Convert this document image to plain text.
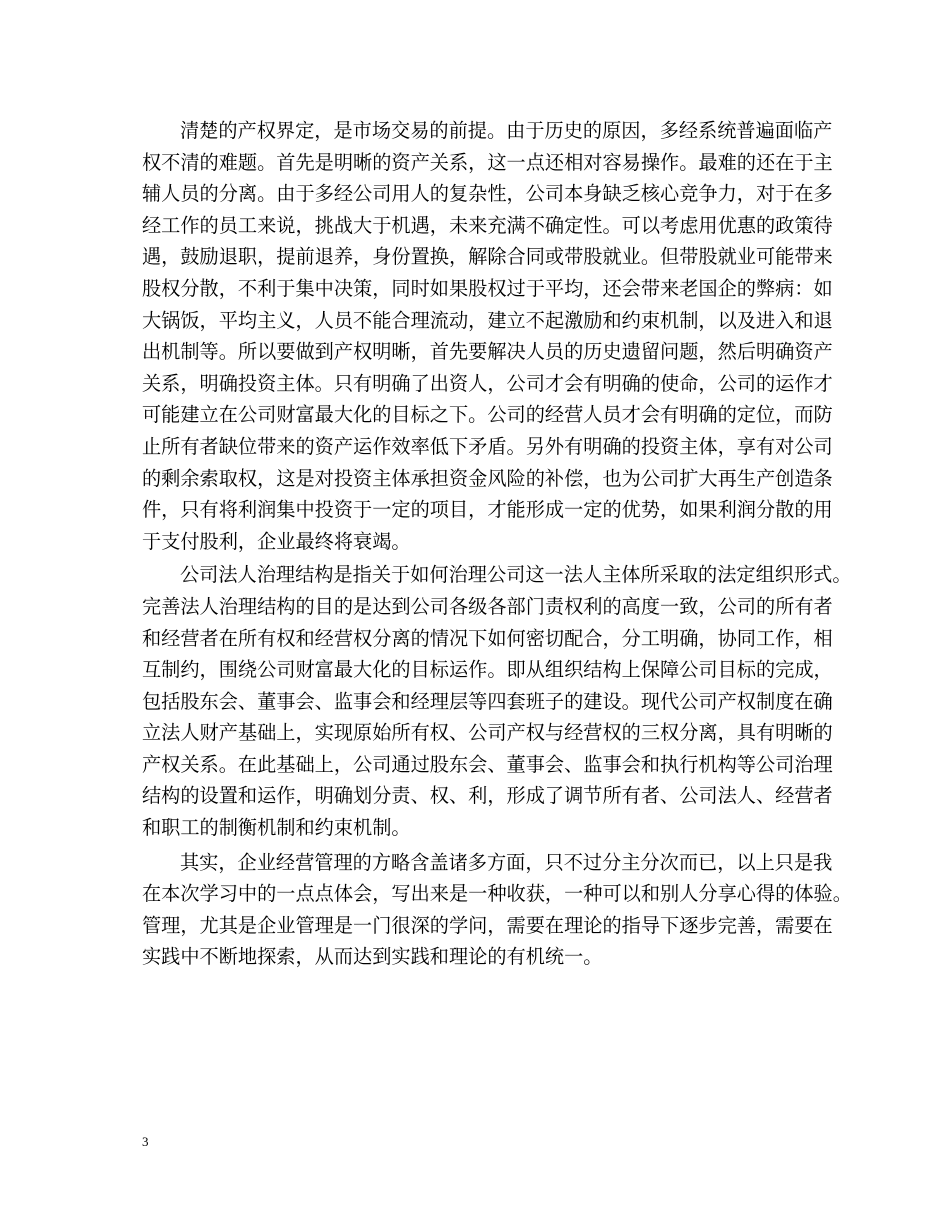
清楚的产权界定，是市场交易的前提。由于历史的原因，多经系统普遍面临产
权不清的难题。首先是明晰的资产关系，这一点还相对容易操作。最难的还在于主
辅人员的分离。由于多经公司用人的复杂性，公司本身缺乏核心竞争力，对于在多
经工作的员工来说，挑战大于机遇，未来充满不确定性。可以考虑用优惠的政策待
遇，鼓励退职，提前退养，身份置换，解除合同或带股就业。但带股就业可能带来
股权分散，不利于集中决策，同时如果股权过于平均，还会带来老国企的弊病：如
大锅饭，平均主义，人员不能合理流动，建立不起激励和约束机制，以及进入和退
出机制等。所以要做到产权明晰，首先要解决人员的历史遗留问题，然后明确资产
关系，明确投资主体。只有明确了出资人，公司才会有明确的使命，公司的运作才
可能建立在公司财富最大化的目标之下。公司的经营人员才会有明确的定位，而防
止所有者缺位带来的资产运作效率低下矛盾。另外有明确的投资主体，享有对公司
的剩余索取权，这是对投资主体承担资金风险的补偿，也为公司扩大再生产创造条
件，只有将利润集中投资于一定的项目，才能形成一定的优势，如果利润分散的用
于支付股利，企业最终将衰竭。
公司法人治理结构是指关于如何治理公司这一法人主体所采取的法定组织形式。
完善法人治理结构的目的是达到公司各级各部门责权利的高度一致，公司的所有者
和经营者在所有权和经营权分离的情况下如何密切配合，分工明确，协同工作，相
互制约，围绕公司财富最大化的目标运作。即从组织结构上保障公司目标的完成，
包括股东会、董事会、监事会和经理层等四套班子的建设。现代公司产权制度在确
立法人财产基础上，实现原始所有权、公司产权与经营权的三权分离，具有明晰的
产权关系。在此基础上，公司通过股东会、董事会、监事会和执行机构等公司治理
结构的设置和运作，明确划分责、权、利，形成了调节所有者、公司法人、经营者
和职工的制衡机制和约束机制。
其实，企业经营管理的方略含盖诸多方面，只不过分主分次而已，以上只是我
在本次学习中的一点点体会，写出来是一种收获，一种可以和别人分享心得的体验。
管理，尤其是企业管理是一门很深的学问，需要在理论的指导下逐步完善，需要在
实践中不断地探索，从而达到实践和理论的有机统一。
3
